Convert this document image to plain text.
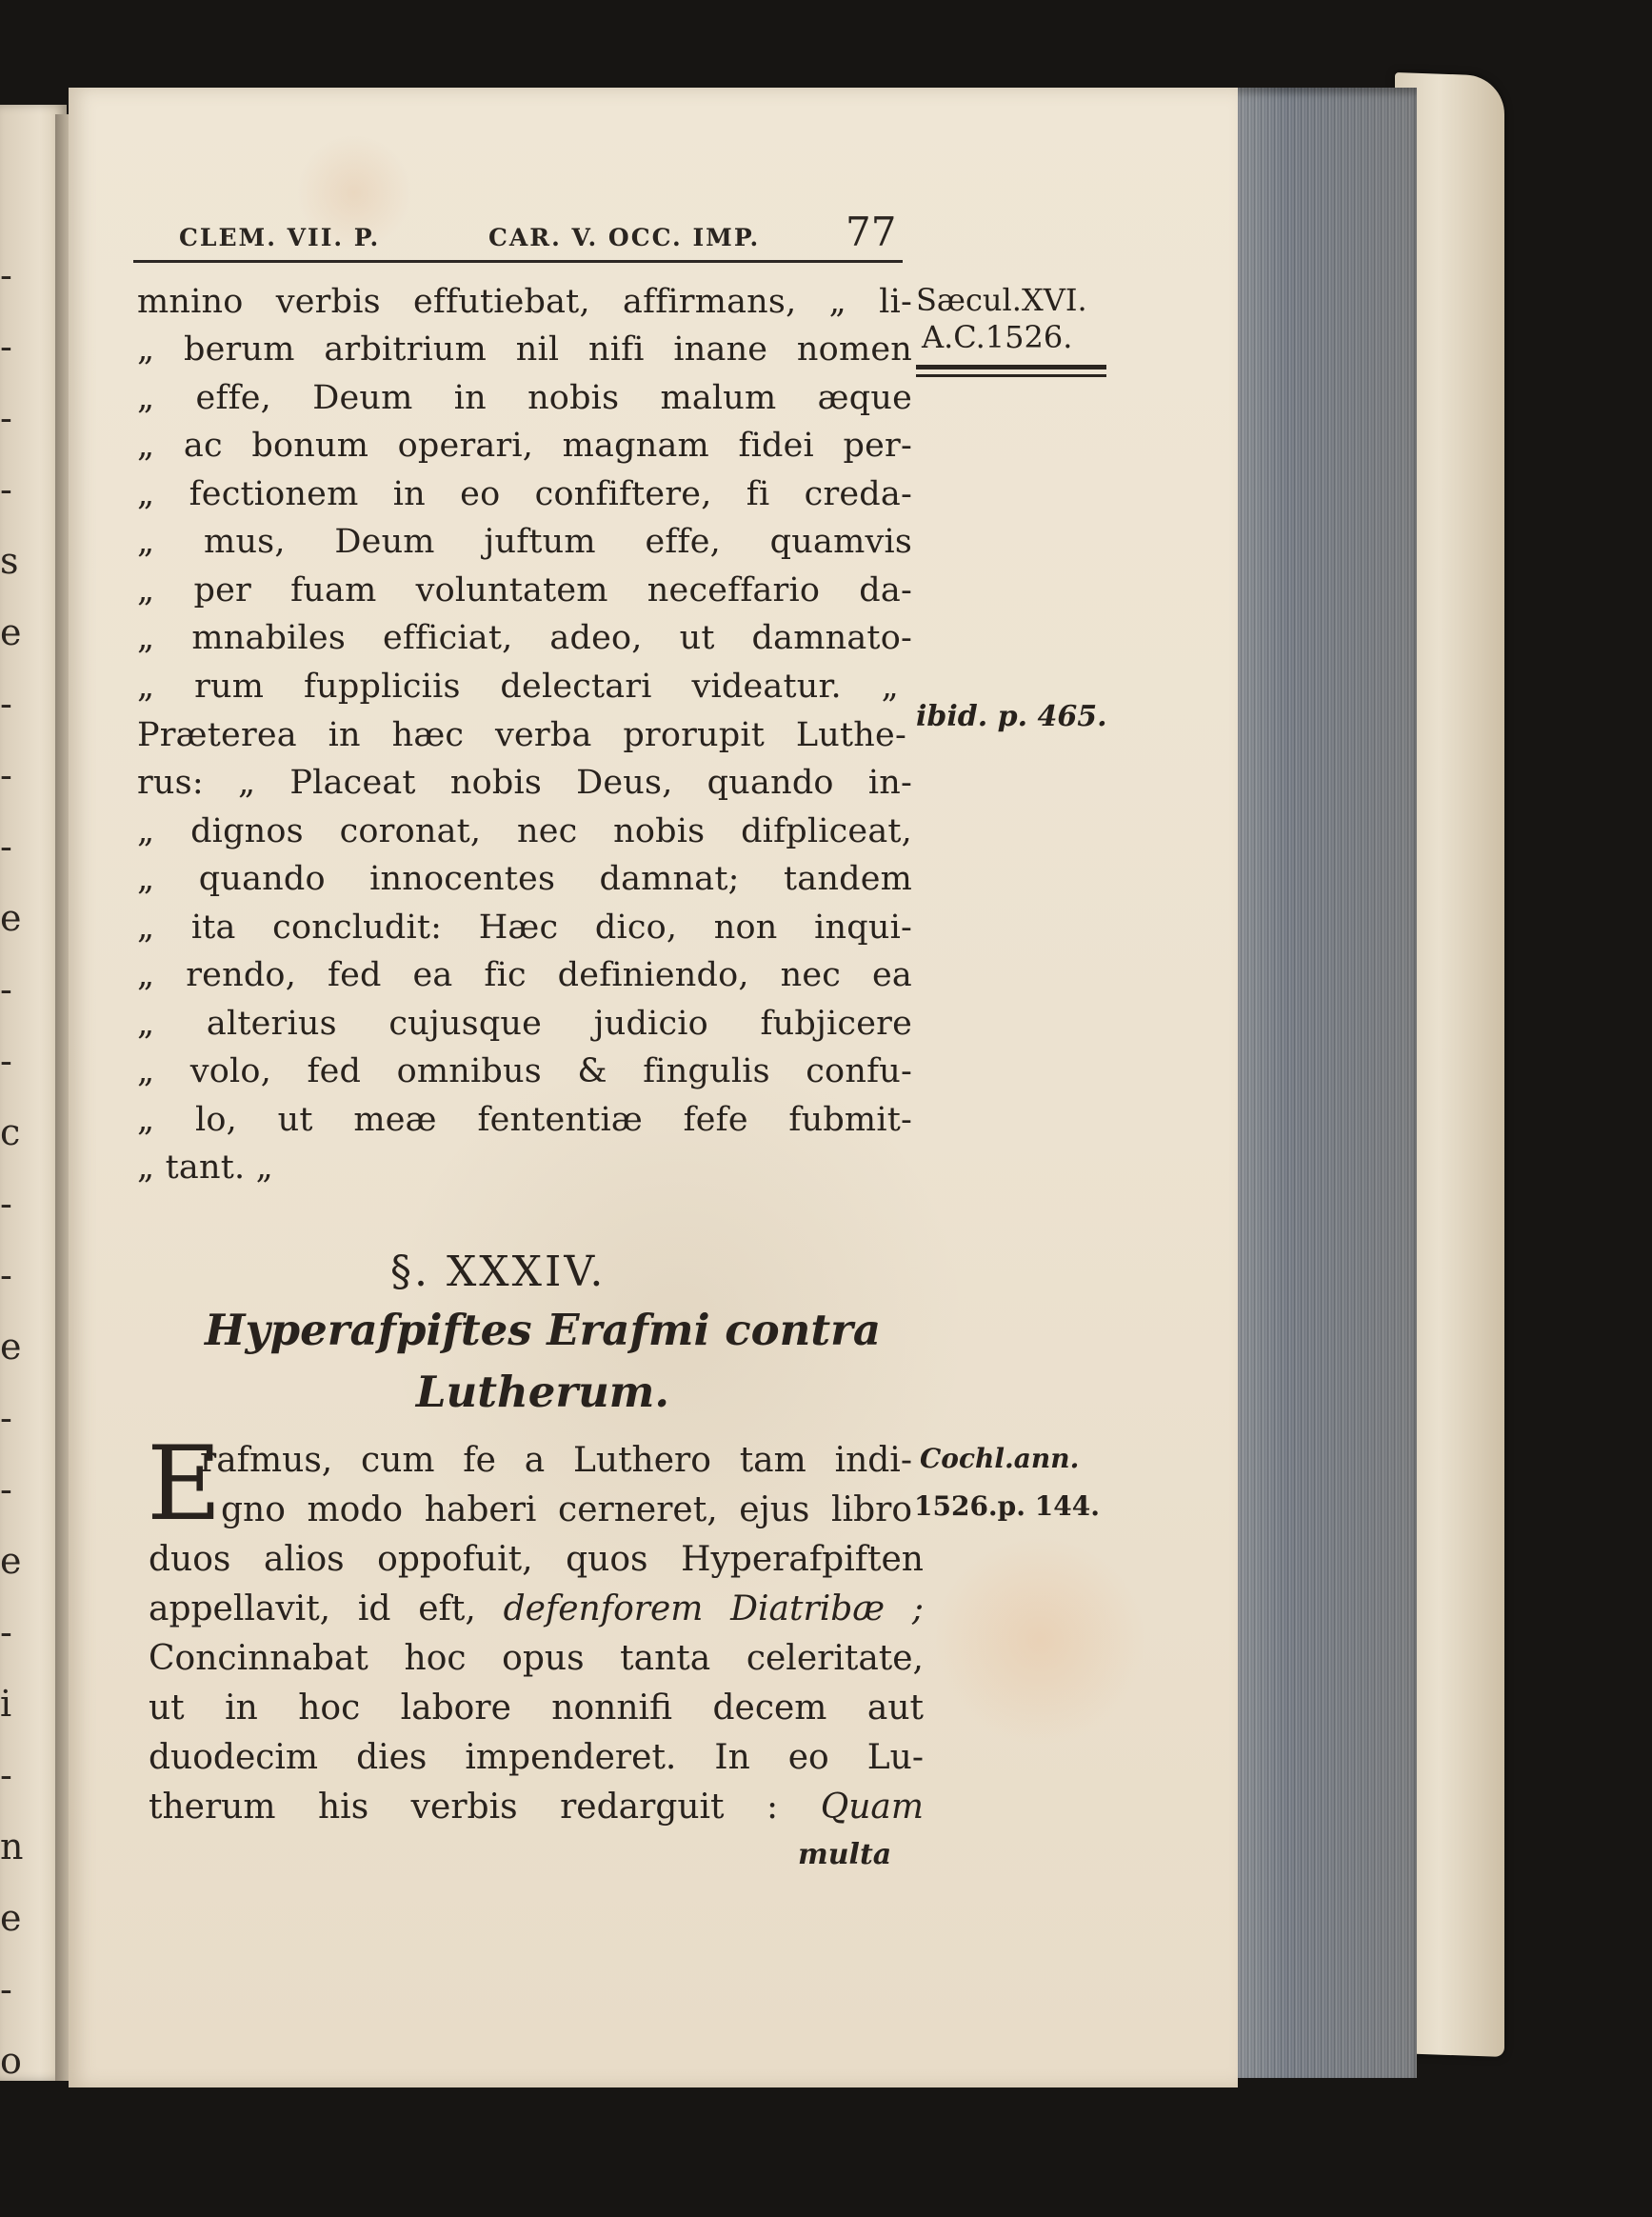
-
-
-
-
s
e
-
-
-
e
-
-
c
-
-
e
-
-
e
-
i
-
n
e
-
o
CLEM. VII. P.	CAR. V. OCC. IMP. 77
Sæcul.XVI.
A.C.1526.
ibid. p. 465.
Cochl.ann.
1526.p. 144.
mnino verbis effutiebat, affirmans, „ li-
„ berum arbitrium nil nifi inane nomen
„ effe, Deum in nobis malum æque
„ ac bonum operari, magnam fidei per-
„ fectionem in eo confiftere, fi creda-
„ mus, Deum juftum effe, quamvis
„ per fuam voluntatem neceffario da-
„ mnabiles efficiat, adeo, ut damnato-
„ rum fuppliciis delectari videatur. „
Præterea in hæc verba prorupit Luthe-
rus: „ Placeat nobis Deus, quando in-
„ dignos coronat, nec nobis difpliceat,
„ quando innocentes damnat; tandem
„ ita concludit: Hæc dico, non inqui-
„ rendo, fed ea fic definiendo, nec ea
„ alterius cujusque judicio fubjicere
„ volo, fed omnibus & fingulis confu-
„ lo, ut meæ fententiæ fefe fubmit-
„ tant. „
§. XXXIV.
Hyperafpiftes Erafmi contra
Lutherum.
E
rafmus, cum fe a Luthero tam indi-
gno modo haberi cerneret, ejus libro
duos alios oppofuit, quos Hyperafpiften
appellavit, id eft, defenforem Diatribæ ;
Concinnabat hoc opus tanta celeritate,
ut in hoc labore nonnifi decem aut
duodecim dies impenderet. In eo Lu-
therum his verbis redarguit : Quam
multa
